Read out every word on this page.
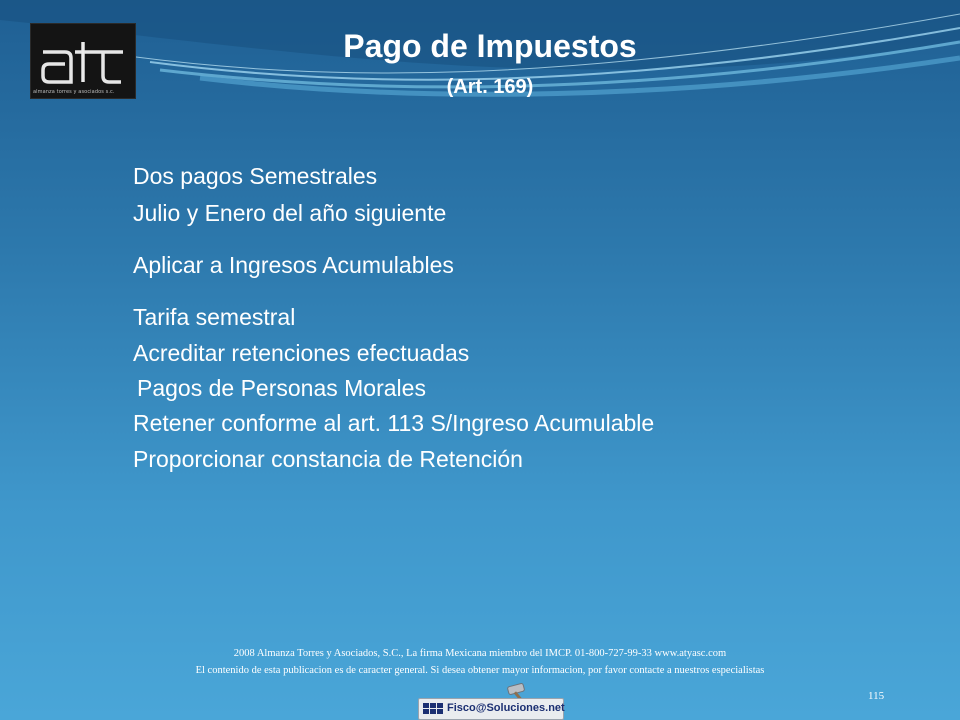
almanza torres y asociados s.c.
Pago de Impuestos
(Art. 169)
Dos pagos Semestrales
Julio y Enero del año siguiente
Aplicar a Ingresos Acumulables
Tarifa semestral
Acreditar retenciones efectuadas
Pagos de Personas Morales
Retener conforme al art. 113 S/Ingreso Acumulable
Proporcionar constancia de Retención
2008 Almanza Torres y Asociados, S.C., La firma Mexicana miembro del IMCP. 01-800-727-99-33 www.atyasc.com
El contenido de esta publicacion es de caracter general. Si desea obtener mayor informacion, por favor contacte a nuestros especialistas
115
Fisco@Soluciones.net
